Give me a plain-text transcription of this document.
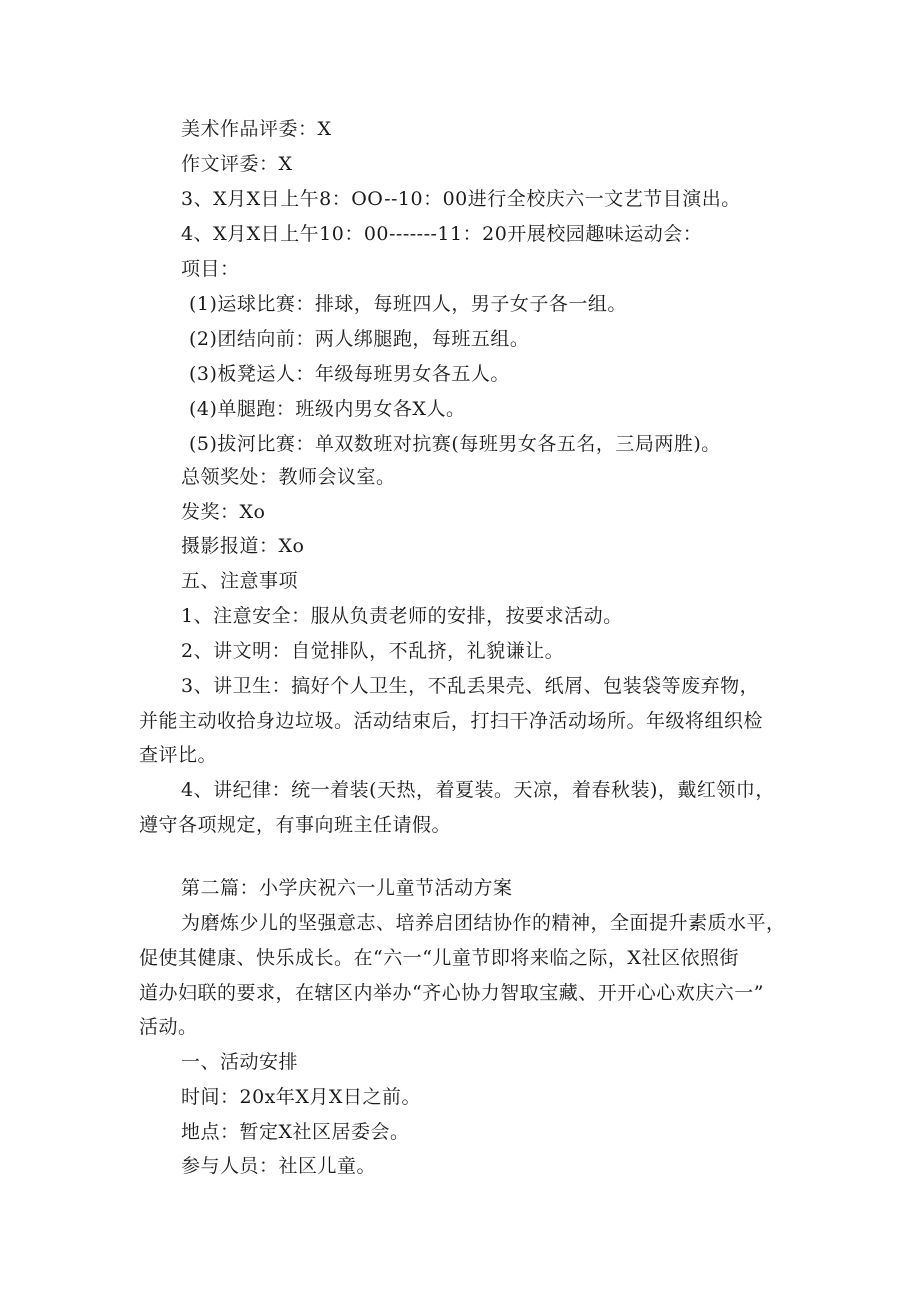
美术作品评委：X
作文评委：X
3、X月X日上午8：OO--10：00进行全校庆六一文艺节目演出。
4、X月X日上午10：00-------11：20开展校园趣味运动会：
项目：
(1)运球比赛：排球，每班四人，男子女子各一组。
(2)团结向前：两人绑腿跑，每班五组。
(3)板凳运人：年级每班男女各五人。
(4)单腿跑：班级内男女各X人。
(5)拔河比赛：单双数班对抗赛(每班男女各五名，三局两胜)。
总领奖处：教师会议室。
发奖：Xo
摄影报道：Xo
五、注意事项
1、注意安全：服从负责老师的安排，按要求活动。
2、讲文明：自觉排队，不乱挤，礼貌谦让。
3、讲卫生：搞好个人卫生，不乱丢果壳、纸屑、包装袋等废弃物，
并能主动收拾身边垃圾。活动结束后，打扫干净活动场所。年级将组织检
查评比。
4、讲纪律：统一着装(天热，着夏装。天凉，着春秋装)，戴红领巾，
遵守各项规定，有事向班主任请假。
第二篇：小学庆祝六一儿童节活动方案
为磨炼少儿的坚强意志、培养启团结协作的精神，全面提升素质水平，
促使其健康、快乐成长。在“六一“儿童节即将来临之际，X社区依照街
道办妇联的要求，在辖区内举办“齐心协力智取宝藏、开开心心欢庆六一”
活动。
一、活动安排
时间：20x年X月X日之前。
地点：暂定X社区居委会。
参与人员：社区儿童。
